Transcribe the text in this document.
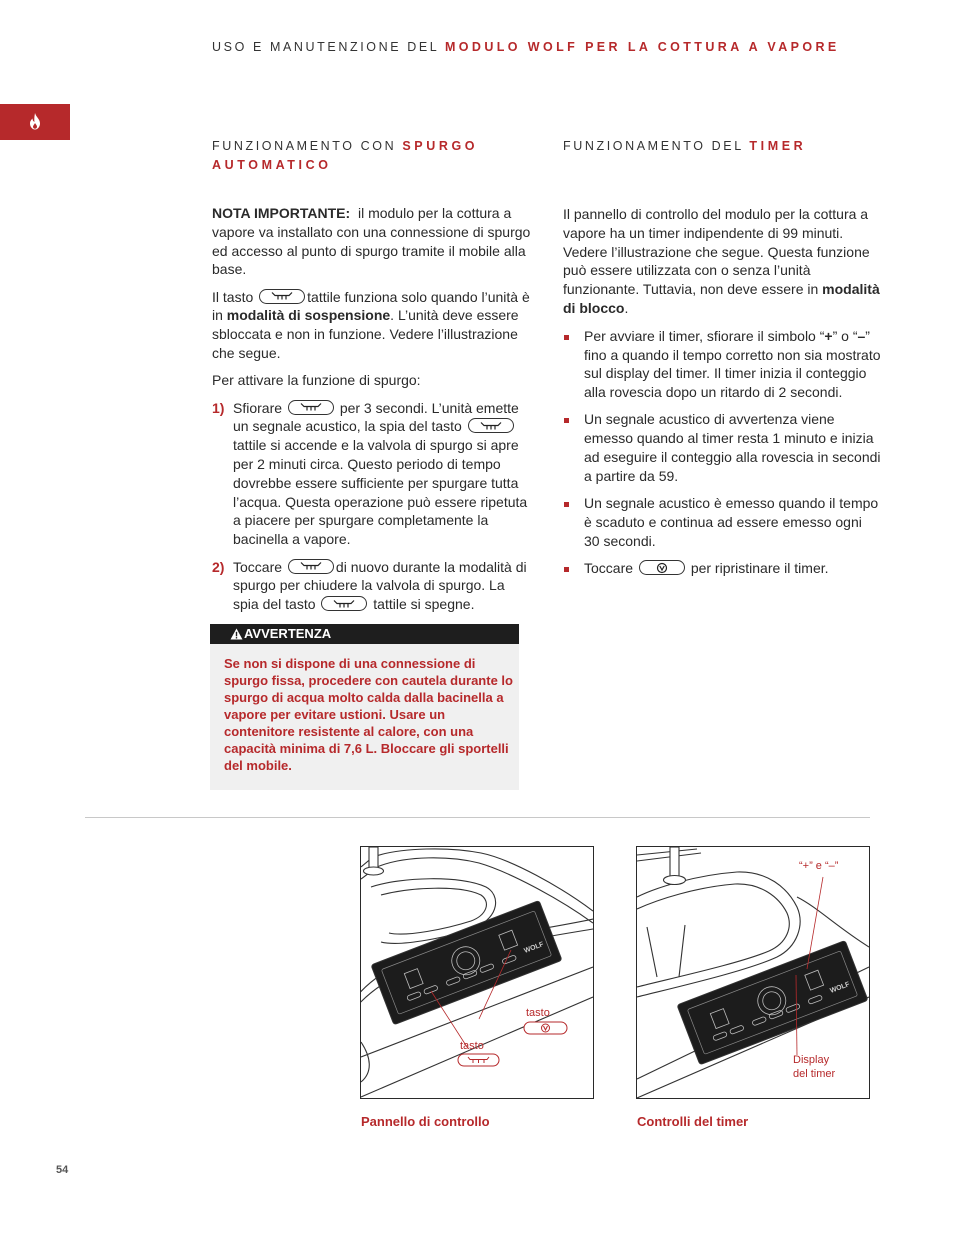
USO E MANUTENZIONE DEL MODULO WOLF PER LA COTTURA A VAPORE
FUNZIONAMENTO CON SPURGO
AUTOMATICO

NOTA IMPORTANTE: il modulo per la cottura a vapore va installato con una connessione di spurgo ed accesso al punto di spurgo tramite il mobile alla base.

Il tasto	tattile funziona solo quando l’unità è in modalità di sospensione. L’unità deve essere sbloccata e non in funzione. Vedere l’illustrazione che segue.

Per attivare la funzione di spurgo:

1) Sfiorare	per 3 secondi. L’unità emette un segnale acustico, la spia del tasto
tattile si accende e la valvola di spurgo si apre per 2 minuti circa. Questo periodo di tempo dovrebbe essere sufficiente per spurgare tutta l’acqua. Questa operazione può essere ripetuta a piacere per spurgare completamente la bacinella a vapore.
2) Toccare	di nuovo durante la modalità di spurgo per chiudere la valvola di spurgo. La spia del tasto	tattile si spegne.
AVVERTENZA
Se non si dispone di una connessione di spurgo fissa, procedere con cautela durante lo spurgo di acqua molto calda dalla bacinella a vapore per evitare ustioni. Usare un contenitore resistente al calore, con una capacità minima di 7,6 L. Bloccare gli sportelli del mobile.
FUNZIONAMENTO DEL TIMER

Il pannello di controllo del modulo per la cottura a vapore ha un timer indipendente di 99 minuti. Vedere l’illustrazione che segue. Questa funzione può essere utilizzata con o senza l’unità funzionante. Tuttavia, non deve essere in modalità di blocco.

Per avviare il timer, sfiorare il simbolo “+” o “–” fino a quando il tempo corretto non sia mostrato sul display del timer. Il timer inizia il conteggio alla rovescia dopo un ritardo di 2 secondi.
Un segnale acustico di avvertenza viene emesso quando al timer resta 1 minuto e inizia ad eseguire il conteggio alla rovescia in secondi a partire da 59.
Un segnale acustico è emesso quando il tempo è scaduto e continua ad essere emesso ogni 30 secondi.
Toccare	per ripristinare il timer.
WOLF
tasto
tasto
Pannello di controllo
WOLF
“+” e “–”
Display
del timer
Controlli del timer
54
